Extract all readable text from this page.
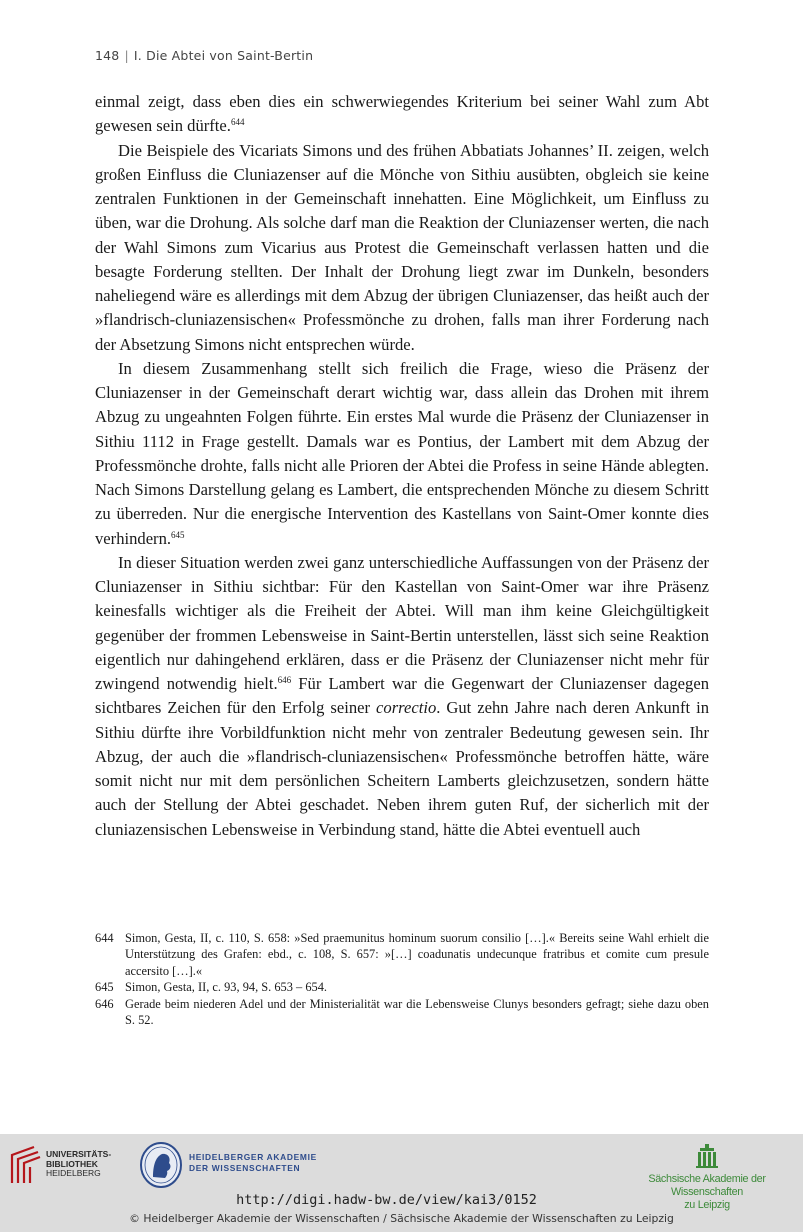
148 | I. Die Abtei von Saint-Bertin

einmal zeigt, dass eben dies ein schwerwiegendes Kriterium bei seiner Wahl zum Abt gewesen sein dürfte.$^{644}$

Die Beispiele des Vicariats Simons und des frühen Abbatiats Johannes’ II. zeigen, welch großen Einfluss die Cluniazenser auf die Mönche von Sithiu ausübten, obgleich sie keine zentralen Funktionen in der Gemeinschaft innehatten. Eine Möglichkeit, um Einfluss zu üben, war die Drohung. Als solche darf man die Reaktion der Cluniazenser werten, die nach der Wahl Simons zum Vicarius aus Protest die Gemeinschaft verlassen hatten und die besagte Forderung stellten. Der Inhalt der Drohung liegt zwar im Dunkeln, besonders naheliegend wäre es allerdings mit dem Abzug der übrigen Cluniazenser, das heißt auch der »flandrisch-cluniazensischen« Professmönche zu drohen, falls man ihrer Forderung nach der Absetzung Simons nicht entsprechen würde.

In diesem Zusammenhang stellt sich freilich die Frage, wieso die Präsenz der Cluniazenser in der Gemeinschaft derart wichtig war, dass allein das Drohen mit ihrem Abzug zu ungeahnten Folgen führte. Ein erstes Mal wurde die Präsenz der Cluniazenser in Sithiu 1112 in Frage gestellt. Damals war es Pontius, der Lambert mit dem Abzug der Professmönche drohte, falls nicht alle Prioren der Abtei die Profess in seine Hände ablegten. Nach Simons Darstellung gelang es Lambert, die entsprechenden Mönche zu diesem Schritt zu überreden. Nur die energische Intervention des Kastellans von Saint-Omer konnte dies verhindern.$^{645}$

In dieser Situation werden zwei ganz unterschiedliche Auffassungen von der Präsenz der Cluniazenser in Sithiu sichtbar: Für den Kastellan von Saint-Omer war ihre Präsenz keinesfalls wichtiger als die Freiheit der Abtei. Will man ihm keine Gleichgültigkeit gegenüber der frommen Lebensweise in Saint-Bertin unterstellen, lässt sich seine Reaktion eigentlich nur dahingehend erklären, dass er die Präsenz der Cluniazenser nicht mehr für zwingend notwendig hielt.$^{646}$ Für Lambert war die Gegenwart der Cluniazenser dagegen sichtbares Zeichen für den Erfolg seiner correctio. Gut zehn Jahre nach deren Ankunft in Sithiu dürfte ihre Vorbildfunktion nicht mehr von zentraler Bedeutung gewesen sein. Ihr Abzug, der auch die »flandrisch-cluniazensischen« Professmönche betroffen hätte, wäre somit nicht nur mit dem persönlichen Scheitern Lamberts gleichzusetzen, sondern hätte auch der Stellung der Abtei geschadet. Neben ihrem guten Ruf, der sicherlich mit der cluniazensischen Lebensweise in Verbindung stand, hätte die Abtei eventuell auch

644 Simon, Gesta, II, c. 110, S. 658: »Sed praemunitus hominum suorum consilio […].« Bereits seine Wahl erhielt die Unterstützung des Grafen: ebd., c. 108, S. 657: »[…] coadunatis undecunque fratribus et comite cum presule accersito […].«
645 Simon, Gesta, II, c. 93, 94, S. 653 – 654.
646 Gerade beim niederen Adel und der Ministerialität war die Lebensweise Clunys besonders gefragt; siehe dazu oben S. 52.
UNIVERSITÄTS-
BIBLIOTHEK
HEIDELBERG
HEIDELBERGER AKADEMIE
DER WISSENSCHAFTEN
Sächsische Akademie der Wissenschaften
zu Leipzig
http://digi.hadw-bw.de/view/kai3/0152
© Heidelberger Akademie der Wissenschaften / Sächsische Akademie der Wissenschaften zu Leipzig
